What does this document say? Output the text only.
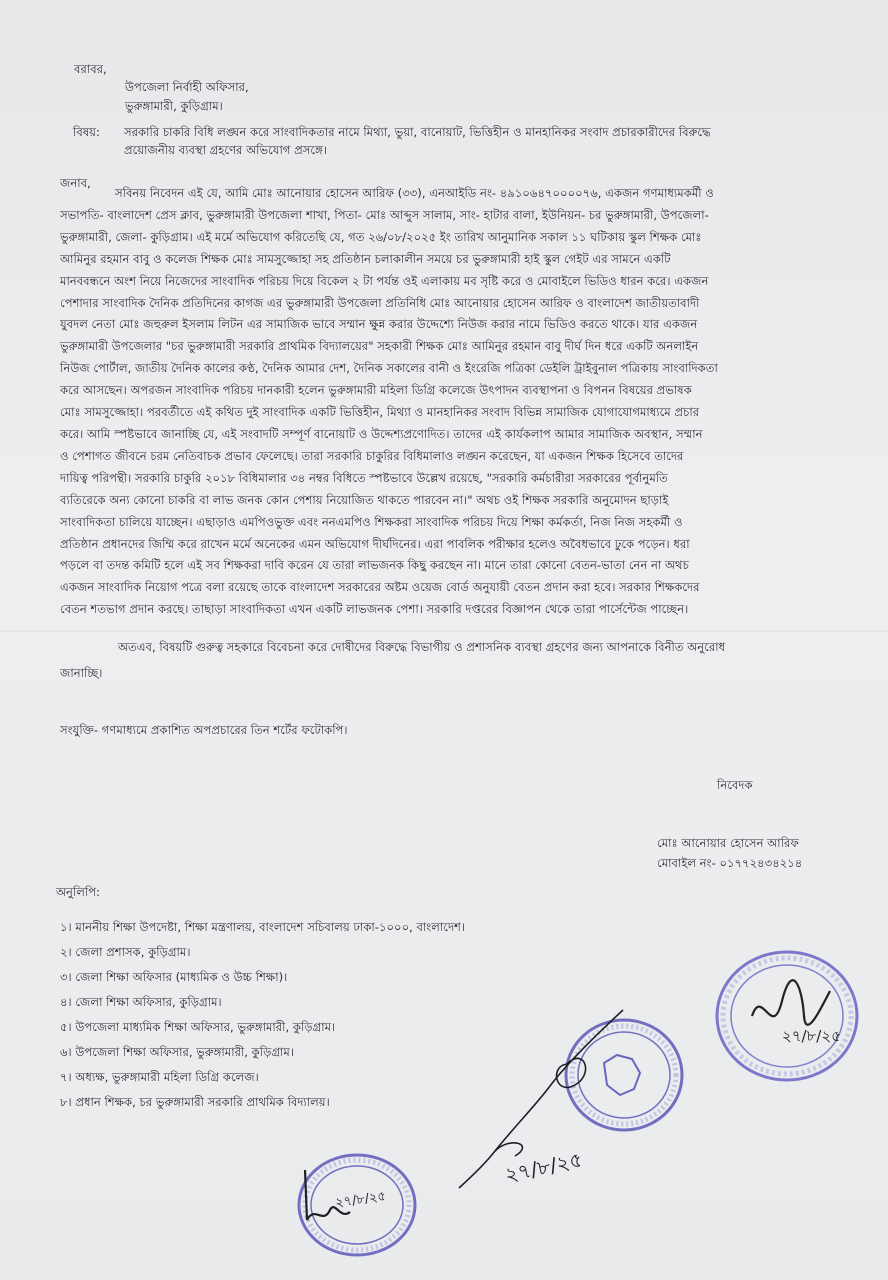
বরাবর,
উপজেলা নির্বাহী অফিসার,
ভুরুঙ্গামারী, কুড়িগ্রাম।
বিষয়: সরকারি চাকরি বিধি লঙ্ঘন করে সাংবাদিকতার নামে মিথ্যা, ভুয়া, বানোয়াট, ভিত্তিহীন ও মানহানিকর সংবাদ প্রচারকারীদের বিরুদ্ধে
প্রয়োজনীয় ব্যবস্থা গ্রহণের অভিযোগ প্রসঙ্গে।
জনাব,
সবিনয় নিবেদন এই যে, আমি মোঃ আনোয়ার হোসেন আরিফ (৩৩), এনআইডি নং- ৪৯১০৬৪৭০০০০৭৬, একজন গণমাধ্যমকর্মী ও
সভাপতি- বাংলাদেশ প্রেস ক্লাব, ভুরুঙ্গামারী উপজেলা শাখা, পিতা- মোঃ আব্দুস সালাম, সাং- হাটার বালা, ইউনিয়ন- চর ভুরুঙ্গামারী, উপজেলা-
ভুরুঙ্গামারী, জেলা- কুড়িগ্রাম। এই মর্মে অভিযোগ করিতেছি যে, গত ২৬/০৮/২০২৫ ইং তারিখ আনুমানিক সকাল ১১ ঘটিকায় স্কুল শিক্ষক মোঃ
আমিনুর রহমান বাবু ও কলেজ শিক্ষক মোঃ সামসুজ্জোহা সহ প্রতিষ্ঠান চলাকালীন সময়ে চর ভুরুঙ্গামারী হাই স্কুল গেইট এর সামনে একটি
মানববন্ধনে অংশ নিয়ে নিজেদের সাংবাদিক পরিচয় দিয়ে বিকেল ২ টা পর্যন্ত ওই এলাকায় মব সৃষ্টি করে ও মোবাইলে ভিডিও ধারন করে। একজন
পেশাদার সাংবাদিক দৈনিক প্রতিদিনের কাগজ এর ভুরুঙ্গামারী উপজেলা প্রতিনিধি মোঃ আনোয়ার হোসেন আরিফ ও বাংলাদেশ জাতীয়তাবাদী
যুবদল নেতা মোঃ জহুরুল ইসলাম লিটন এর সামাজিক ভাবে সম্মান ক্ষুন্ন করার উদ্দেশ্যে নিউজ করার নামে ভিডিও করতে থাকে। যার একজন
ভুরুঙ্গামারী উপজেলার "চর ভুরুঙ্গামারী সরকারি প্রাথমিক বিদ্যালয়ের" সহকারী শিক্ষক মোঃ আমিনুর রহমান বাবু দীর্ঘ দিন ধরে একটি অনলাইন
নিউজ পোর্টাল, জাতীয় দৈনিক কালের কণ্ঠ, দৈনিক আমার দেশ, দৈনিক সকালের বানী ও ইংরেজি পত্রিকা ডেইলি ট্রাইবুনাল পত্রিকায় সাংবাদিকতা
করে আসছেন। অপরজন সাংবাদিক পরিচয় দানকারী হলেন ভুরুঙ্গামারী মহিলা ডিগ্রি কলেজে উৎপাদন ব্যবস্থাপনা ও বিপনন বিষয়ের প্রভাষক
মোঃ সামসুজ্জোহা। পরবর্তীতে এই কথিত দুই সাংবাদিক একটি ভিত্তিহীন, মিথ্যা ও মানহানিকর সংবাদ বিভিন্ন সামাজিক যোগাযোগমাধ্যমে প্রচার
করে। আমি স্পষ্টভাবে জানাচ্ছি যে, এই সংবাদটি সম্পূর্ণ বানোয়াট ও উদ্দেশ্যপ্রণোদিত। তাদের এই কার্যকলাপ আমার সামাজিক অবস্থান, সম্মান
ও পেশাগত জীবনে চরম নেতিবাচক প্রভাব ফেলেছে। তারা সরকারি চাকুরির বিধিমালাও লঙ্ঘন করেছেন, যা একজন শিক্ষক হিসেবে তাদের
দায়িত্ব পরিপন্থী। সরকারি চাকুরি ২০১৮ বিধিমালার ৩৪ নম্বর বিধিতে স্পষ্টভাবে উল্লেখ রয়েছে, "সরকারি কর্মচারীরা সরকারের পূর্বানুমতি
ব্যতিরেকে অন্য কোনো চাকরি বা লাভ জনক কোন পেশায় নিয়োজিত থাকতে পারবেন না।" অথচ ওই শিক্ষক সরকারি অনুমোদন ছাড়াই
সাংবাদিকতা চালিয়ে যাচ্ছেন। এছাড়াও এমপিওভুক্ত এবং ননএমপিও শিক্ষকরা সাংবাদিক পরিচয় দিয়ে শিক্ষা কর্মকর্তা, নিজ নিজ সহকর্মী ও
প্রতিষ্ঠান প্রধানদের জিম্মি করে রাখেন মর্মে অনেকের এমন অভিযোগ দীর্ঘদিনের। এরা পাবলিক পরীক্ষার হলেও অবৈধভাবে ঢুকে পড়েন। ধরা
পড়লে বা তদন্ত কমিটি হলে এই সব শিক্ষকরা দাবি করেন যে তারা লাভজনক কিছু করছেন না। মানে তারা কোনো বেতন-ভাতা নেন না অথচ
একজন সাংবাদিক নিয়োগ পত্রে বলা রয়েছে তাকে বাংলাদেশ সরকারের অষ্টম ওয়েজ বোর্ড অনুযায়ী বেতন প্রদান করা হবে। সরকার শিক্ষকদের
বেতন শতভাগ প্রদান করছে। তাছাড়া সাংবাদিকতা এখন একটি লাভজনক পেশা। সরকারি দপ্তরের বিজ্ঞাপন থেকে তারা পার্সেন্টেজ পাচ্ছেন।
অতএব, বিষয়টি গুরুত্ব সহকারে বিবেচনা করে দোষীদের বিরুদ্ধে বিভাগীয় ও প্রশাসনিক ব্যবস্থা গ্রহণের জন্য আপনাকে বিনীত অনুরোধ
জানাচ্ছি।
সংযুক্তি- গণমাধ্যমে প্রকাশিত অপপ্রচারের তিন শর্টের ফটোকপি।
নিবেদক
মোঃ আনোয়ার হোসেন আরিফ
মোবাইল নং- ০১৭৭২৪৩৪২১৪
অনুলিপি:
১। মাননীয় শিক্ষা উপদেষ্টা, শিক্ষা মন্ত্রণালয়, বাংলাদেশ সচিবালয় ঢাকা-১০০০, বাংলাদেশ।
২। জেলা প্রশাসক, কুড়িগ্রাম।
৩। জেলা শিক্ষা অফিসার (মাধ্যমিক ও উচ্চ শিক্ষা)।
৪। জেলা শিক্ষা অফিসার, কুড়িগ্রাম।
৫। উপজেলা মাধ্যমিক শিক্ষা অফিসার, ভুরুঙ্গামারী, কুড়িগ্রাম।
৬। উপজেলা শিক্ষা অফিসার, ভুরুঙ্গামারী, কুড়িগ্রাম।
৭। অধ্যক্ষ, ভুরুঙ্গামারী মহিলা ডিগ্রি কলেজ।
৮। প্রধান শিক্ষক, চর ভুরুঙ্গামারী সরকারি প্রাথমিক বিদ্যালয়।
২৭/৮/২৫
২৭/৮/২৫
২৭/৮/২৫
